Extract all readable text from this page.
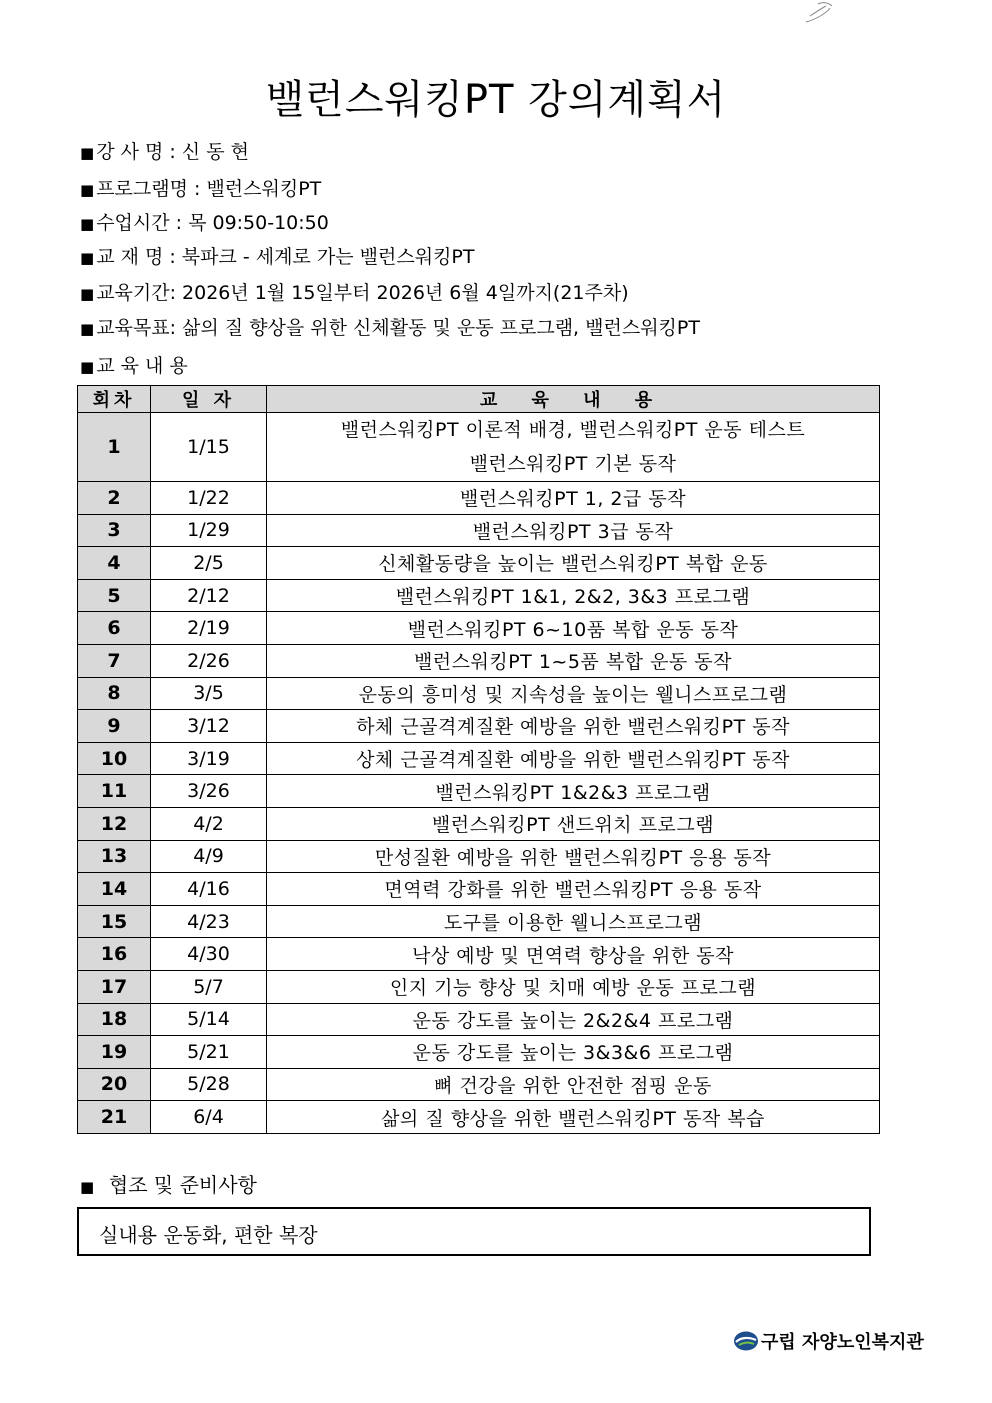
밸런스워킹PT 강의계획서
■ 강 사 명 : 신 동 현
■ 프로그램명 : 밸런스워킹PT
■ 수업시간 : 목 09:50-10:50
■ 교 재 명 : 북파크 - 세계로 가는 밸런스워킹PT
■ 교육기간: 2026년 1월 15일부터 2026년 6월 4일까지(21주차)
■ 교육목표: 삶의 질 향상을 위한 신체활동 및 운동 프로그램, 밸런스워킹PT
■ 교 육 내 용
회차	일 자	교 육 내 용
1	1/15	밸런스워킹PT 이론적 배경, 밸런스워킹PT 운동 테스트
밸런스워킹PT 기본 동작

2	1/22	밸런스워킹PT 1, 2급 동작

3	1/29	밸런스워킹PT 3급 동작

4	2/5	신체활동량을 높이는 밸런스워킹PT 복합 운동

5	2/12	밸런스워킹PT 1&1, 2&2, 3&3 프로그램

6	2/19	밸런스워킹PT 6~10품 복합 운동 동작

7	2/26	밸런스워킹PT 1~5품 복합 운동 동작

8	3/5	운동의 흥미성 및 지속성을 높이는 웰니스프로그램

9	3/12	하체 근골격계질환 예방을 위한 밸런스워킹PT 동작

10	3/19	상체 근골격계질환 예방을 위한 밸런스워킹PT 동작

11	3/26	밸런스워킹PT 1&2&3 프로그램

12	4/2	밸런스워킹PT 샌드위치 프로그램

13	4/9	만성질환 예방을 위한 밸런스워킹PT 응용 동작

14	4/16	면역력 강화를 위한 밸런스워킹PT 응용 동작

15	4/23	도구를 이용한 웰니스프로그램

16	4/30	낙상 예방 및 면역력 향상을 위한 동작

17	5/7	인지 기능 향상 및 치매 예방 운동 프로그램

18	5/14	운동 강도를 높이는 2&2&4 프로그램

19	5/21	운동 강도를 높이는 3&3&6 프로그램

20	5/28	뼈 건강을 위한 안전한 점핑 운동

21	6/4	삶의 질 향상을 위한 밸런스워킹PT 동작 복습
■ 협조 및 준비사항
실내용 운동화, 편한 복장
구립 자양노인복지관
